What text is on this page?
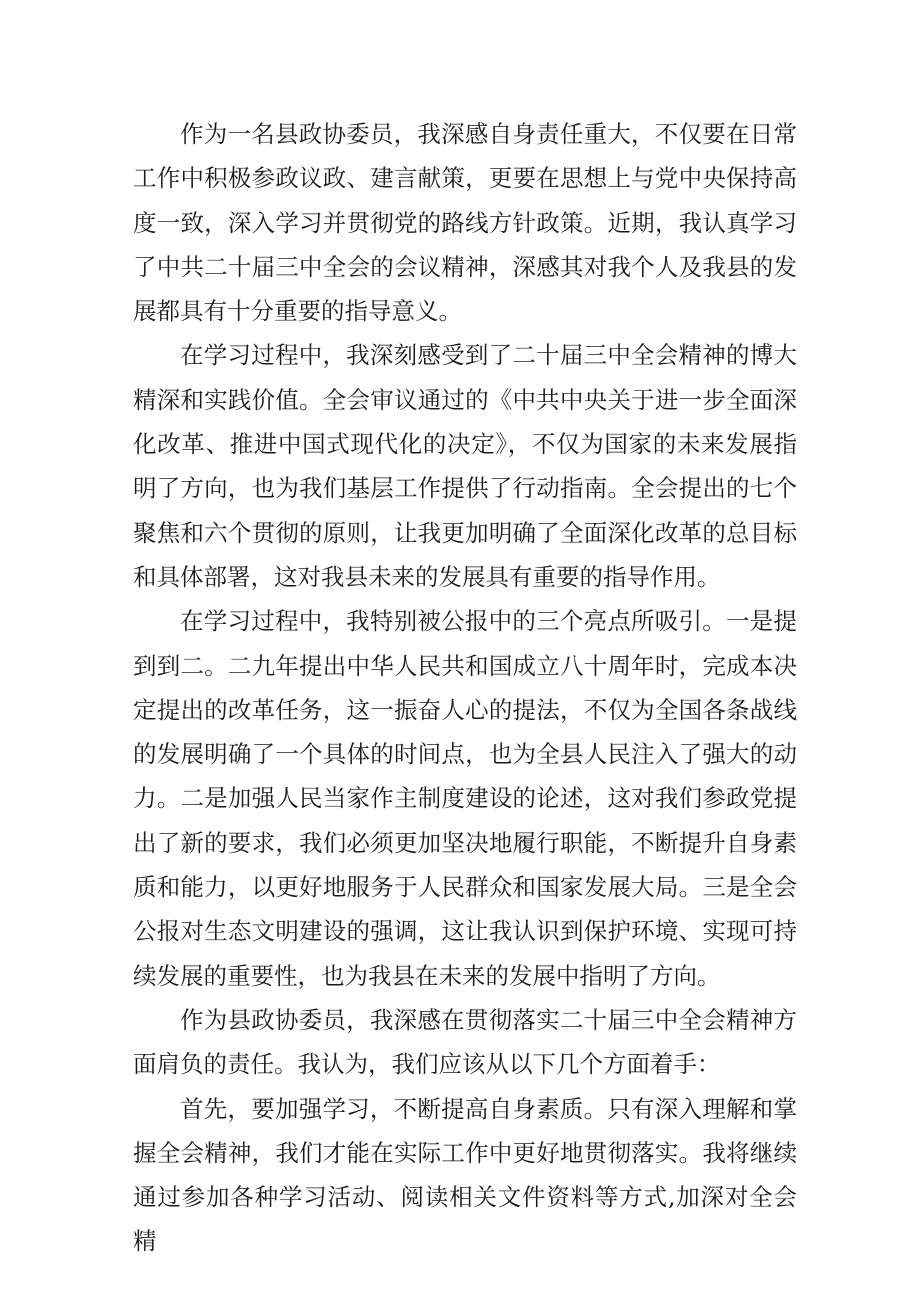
作为一名县政协委员，我深感自身责任重大，不仅要在日常工作中积极参政议政、建言献策，更要在思想上与党中央保持高度一致，深入学习并贯彻党的路线方针政策。近期，我认真学习了中共二十届三中全会的会议精神，深感其对我个人及我县的发展都具有十分重要的指导意义。

在学习过程中，我深刻感受到了二十届三中全会精神的博大精深和实践价值。全会审议通过的《中共中央关于进一步全面深化改革、推进中国式现代化的决定》，不仅为国家的未来发展指明了方向，也为我们基层工作提供了行动指南。全会提出的七个聚焦和六个贯彻的原则，让我更加明确了全面深化改革的总目标和具体部署，这对我县未来的发展具有重要的指导作用。

在学习过程中，我特别被公报中的三个亮点所吸引。一是提到到二。二九年提出中华人民共和国成立八十周年时，完成本决定提出的改革任务，这一振奋人心的提法，不仅为全国各条战线的发展明确了一个具体的时间点，也为全县人民注入了强大的动力。二是加强人民当家作主制度建设的论述，这对我们参政党提出了新的要求，我们必须更加坚决地履行职能，不断提升自身素质和能力，以更好地服务于人民群众和国家发展大局。三是全会公报对生态文明建设的强调，这让我认识到保护环境、实现可持续发展的重要性，也为我县在未来的发展中指明了方向。

作为县政协委员，我深感在贯彻落实二十届三中全会精神方面肩负的责任。我认为，我们应该从以下几个方面着手：

首先，要加强学习，不断提高自身素质。只有深入理解和掌握全会精神，我们才能在实际工作中更好地贯彻落实。我将继续通过参加各种学习活动、阅读相关文件资料等方式,加深对全会精
